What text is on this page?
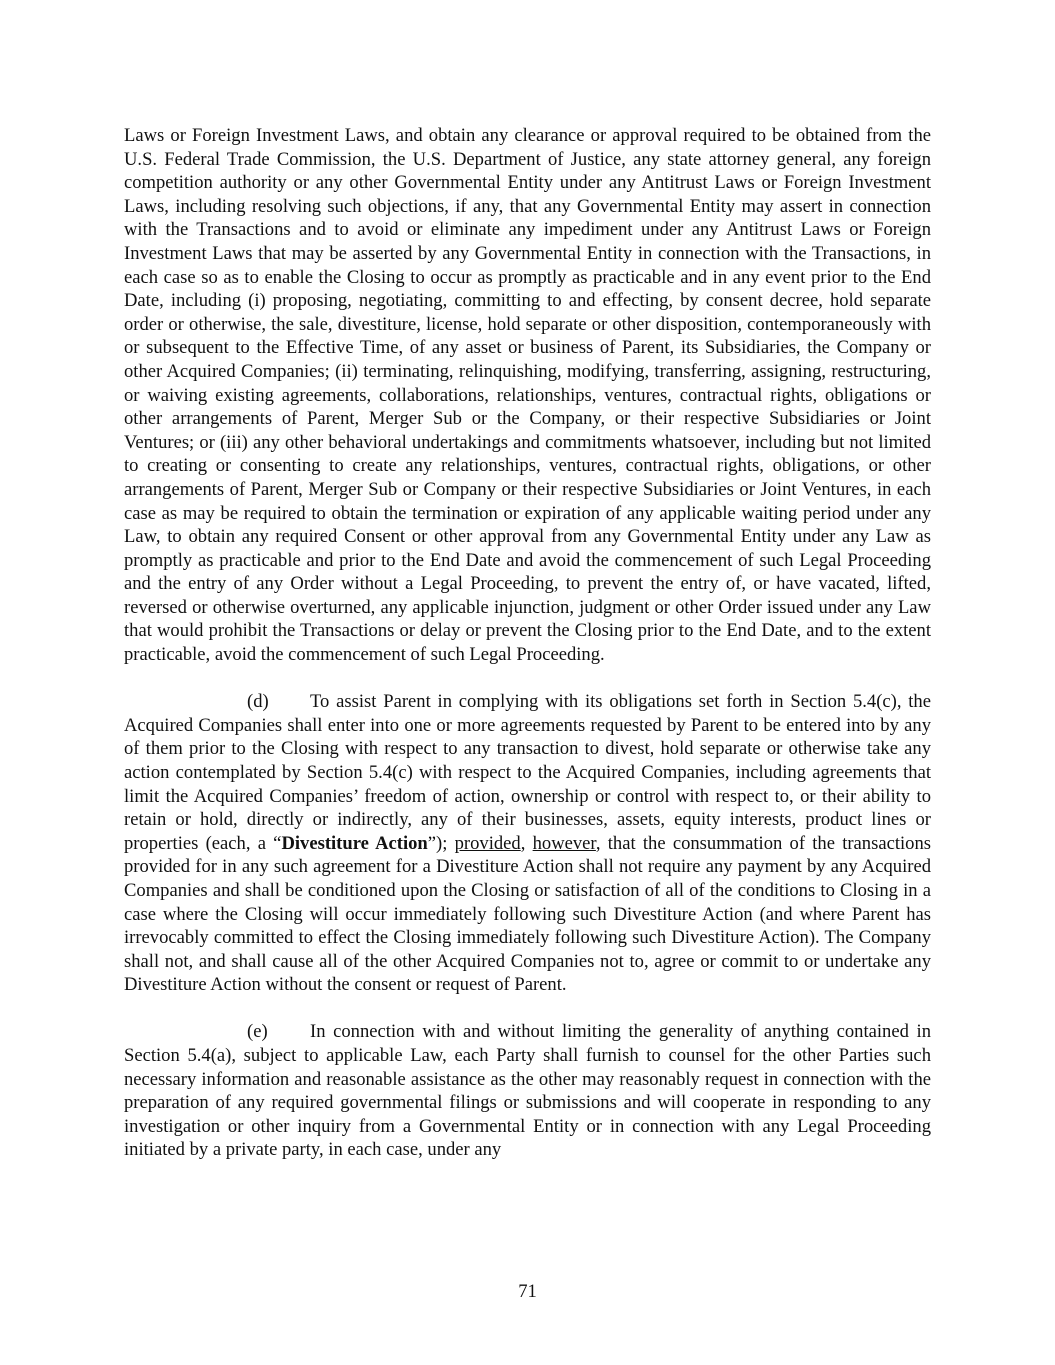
Laws or Foreign Investment Laws, and obtain any clearance or approval required to be obtained from the U.S. Federal Trade Commission, the U.S. Department of Justice, any state attorney general, any foreign competition authority or any other Governmental Entity under any Antitrust Laws or Foreign Investment Laws, including resolving such objections, if any, that any Governmental Entity may assert in connection with the Transactions and to avoid or eliminate any impediment under any Antitrust Laws or Foreign Investment Laws that may be asserted by any Governmental Entity in connection with the Transactions, in each case so as to enable the Closing to occur as promptly as practicable and in any event prior to the End Date, including (i) proposing, negotiating, committing to and effecting, by consent decree, hold separate order or otherwise, the sale, divestiture, license, hold separate or other disposition, contemporaneously with or subsequent to the Effective Time, of any asset or business of Parent, its Subsidiaries, the Company or other Acquired Companies; (ii) terminating, relinquishing, modifying, transferring, assigning, restructuring, or waiving existing agreements, collaborations, relationships, ventures, contractual rights, obligations or other arrangements of Parent, Merger Sub or the Company, or their respective Subsidiaries or Joint Ventures; or (iii) any other behavioral undertakings and commitments whatsoever, including but not limited to creating or consenting to create any relationships, ventures, contractual rights, obligations, or other arrangements of Parent, Merger Sub or Company or their respective Subsidiaries or Joint Ventures, in each case as may be required to obtain the termination or expiration of any applicable waiting period under any Law, to obtain any required Consent or other approval from any Governmental Entity under any Law as promptly as practicable and prior to the End Date and avoid the commencement of such Legal Proceeding and the entry of any Order without a Legal Proceeding, to prevent the entry of, or have vacated, lifted, reversed or otherwise overturned, any applicable injunction, judgment or other Order issued under any Law that would prohibit the Transactions or delay or prevent the Closing prior to the End Date, and to the extent practicable, avoid the commencement of such Legal Proceeding.

(d) To assist Parent in complying with its obligations set forth in Section 5.4(c), the Acquired Companies shall enter into one or more agreements requested by Parent to be entered into by any of them prior to the Closing with respect to any transaction to divest, hold separate or otherwise take any action contemplated by Section 5.4(c) with respect to the Acquired Companies, including agreements that limit the Acquired Companies’ freedom of action, ownership or control with respect to, or their ability to retain or hold, directly or indirectly, any of their businesses, assets, equity interests, product lines or properties (each, a “Divestiture Action”); provided, however, that the consummation of the transactions provided for in any such agreement for a Divestiture Action shall not require any payment by any Acquired Companies and shall be conditioned upon the Closing or satisfaction of all of the conditions to Closing in a case where the Closing will occur immediately following such Divestiture Action (and where Parent has irrevocably committed to effect the Closing immediately following such Divestiture Action). The Company shall not, and shall cause all of the other Acquired Companies not to, agree or commit to or undertake any Divestiture Action without the consent or request of Parent.

(e) In connection with and without limiting the generality of anything contained in Section 5.4(a), subject to applicable Law, each Party shall furnish to counsel for the other Parties such necessary information and reasonable assistance as the other may reasonably request in connection with the preparation of any required governmental filings or submissions and will cooperate in responding to any investigation or other inquiry from a Governmental Entity or in connection with any Legal Proceeding initiated by a private party, in each case, under any

71
